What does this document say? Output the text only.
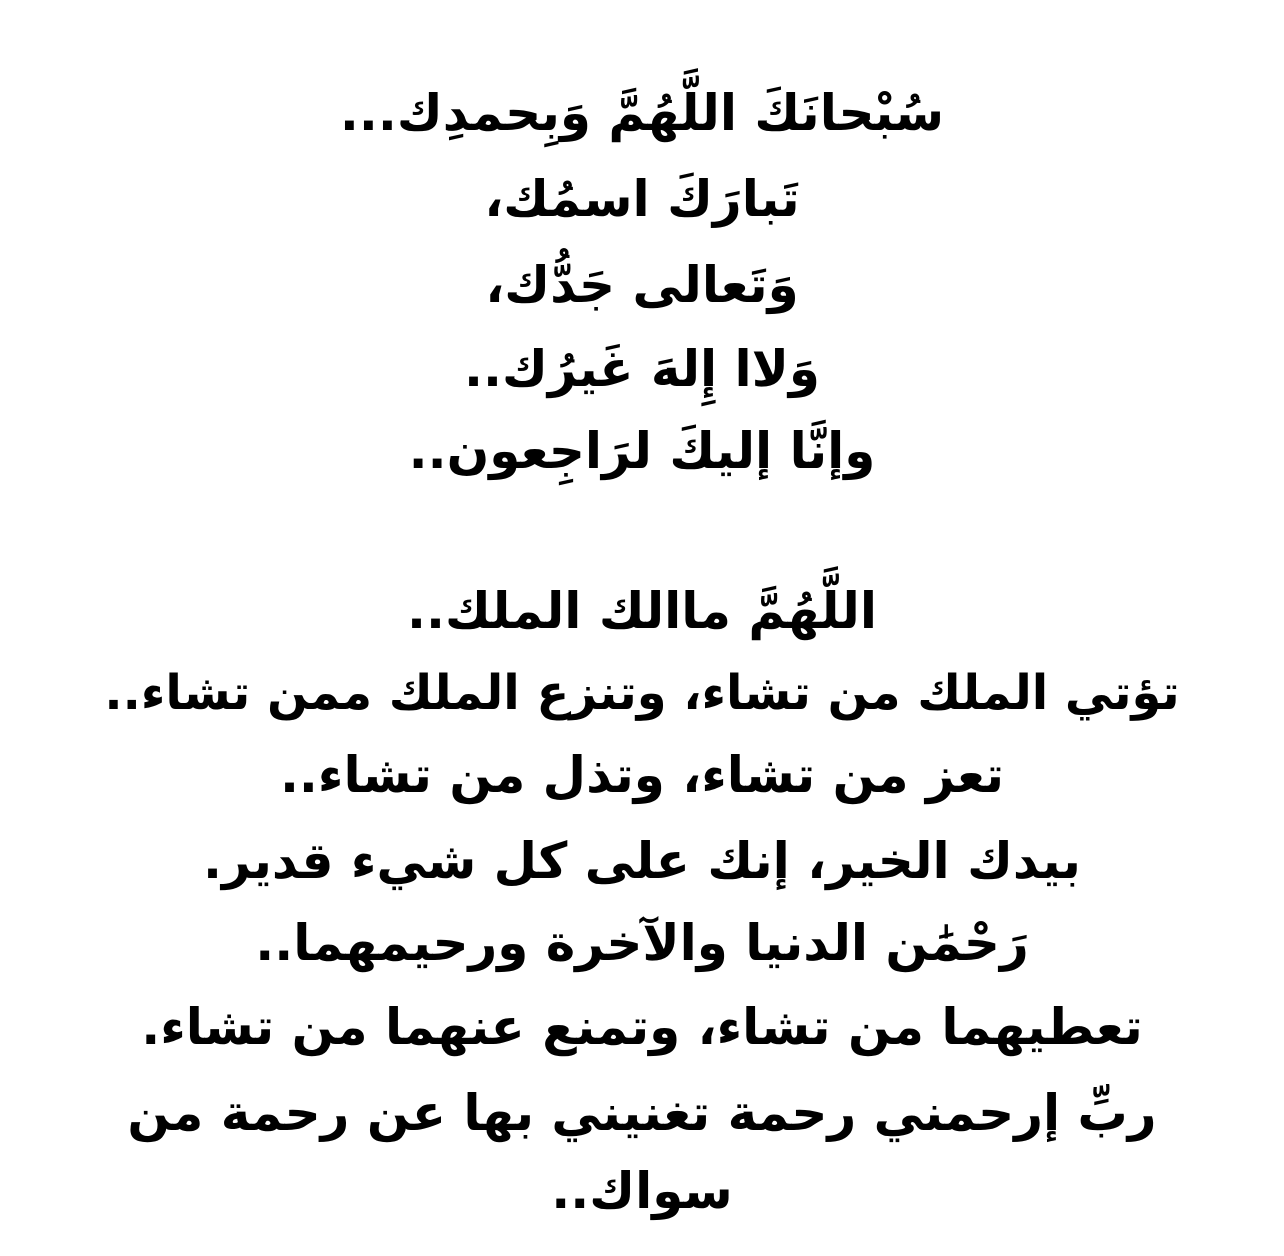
سُبْحانَكَ اللَّهُمَّ وَبِحمدِك...
تَبارَكَ اسمُك،
وَتَعالى جَدُّك،
وَلاا إِلهَ غَيرُك..
وإنَّا إليكَ لرَاجِعون..
اللَّهُمَّ ماالك الملك..
تؤتي الملك من تشاء، وتنزع الملك ممن تشاء..
تعز من تشاء، وتذل من تشاء..
بيدك الخير، إنك على كل شيء قدير.
رَحْمَٰن الدنيا والآخرة ورحيمهما..
تعطيهما من تشاء، وتمنع عنهما من تشاء.
ربِّ إرحمني رحمة تغنيني بها عن رحمة من
سواك..
